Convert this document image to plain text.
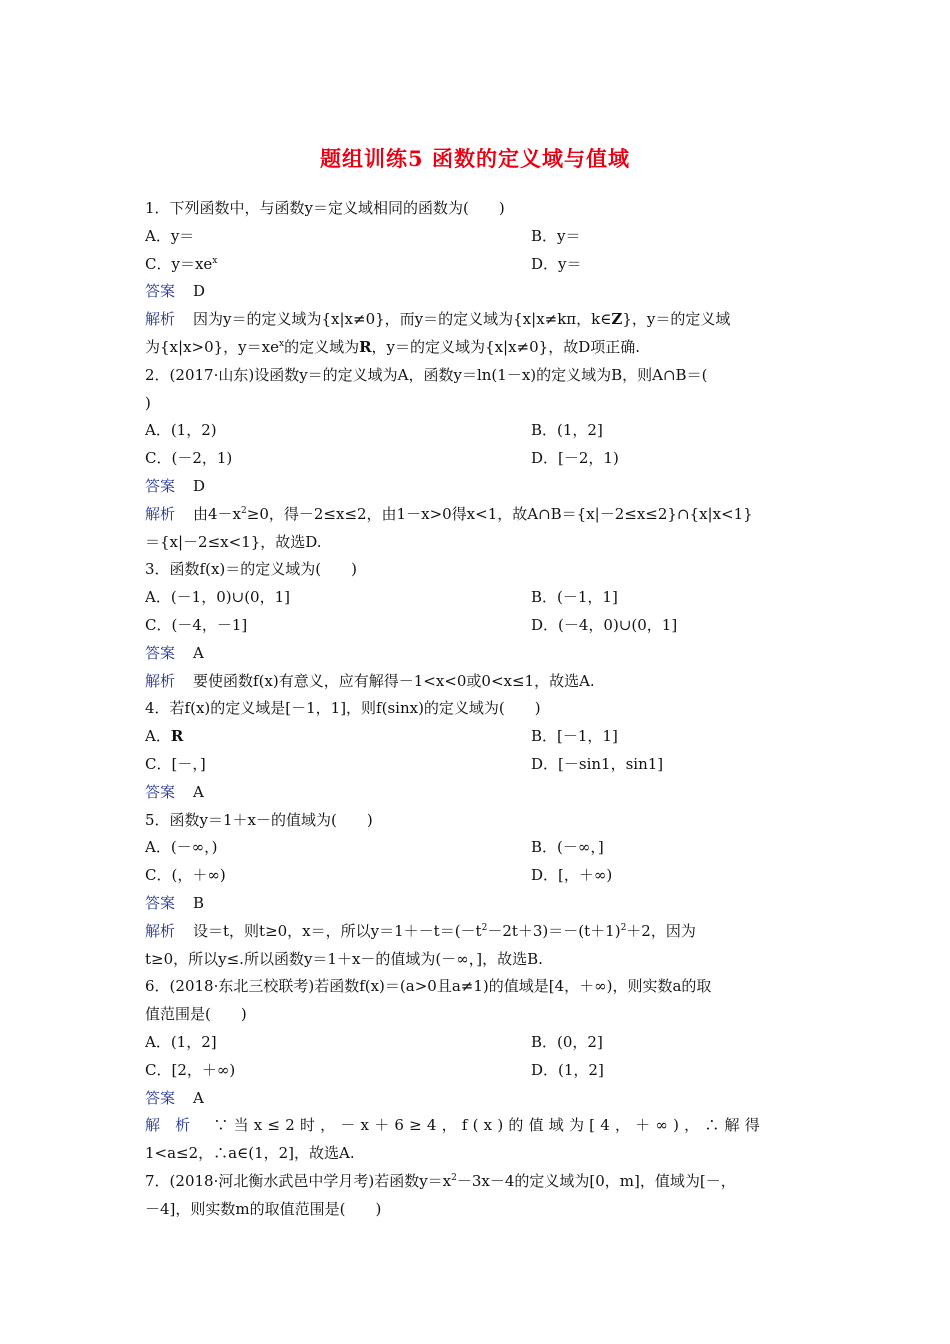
题组训练5 函数的定义域与值域
1．下列函数中，与函数y＝定义域相同的函数为(　　)
A．y＝	B．y＝
C．$y=xe^x$	D．y＝
答案 D
解析 因为y＝的定义域为{x|x≠0}，而y＝的定义域为{x|x≠kπ，k∈Z}，y＝的定义域
为{x|x>0}，$y=xe^x$的定义域为R，y＝的定义域为{x|x≠0}，故D项正确.
2．(2017·山东)设函数y＝的定义域为A，函数y＝ln(1－x)的定义域为B，则A∩B＝(
)
A．(1，2)	B．(1，2]
C．(－2，1)	D．[－2，1)
答案 D
解析 由$4-x^2\ge 0$，得－2≤x≤2，由1－x>0得x<1，故A∩B＝{x|－2≤x≤2}∩{x|x<1}
＝{x|－2≤x<1}，故选D.
3．函数f(x)＝的定义域为(　　)
A．(－1，0)∪(0，1]	B．(－1，1]
C．(－4，－1]	D．(－4，0)∪(0，1]
答案 A
解析 要使函数f(x)有意义，应有解得－1<x<0或0<x≤1，故选A.
4．若f(x)的定义域是[－1，1]，则f(sinx)的定义域为(　　)
A．R	B．[－1，1]
C．[－，]	D．[－sin1，sin1]
答案 A
5．函数y＝1＋x－的值域为(　　)
A．(－∞，)	B．(－∞，]
C．(，＋∞)	D．[，＋∞)
答案 B
解析 设＝t，则t≥0，x＝，所以$y=1+-t=(-t^2-2t+3)=-(t+1)^2+2$，因为
t≥0，所以y≤.所以函数y＝1＋x－的值域为(－∞，]，故选B.
6．(2018·东北三校联考)若函数f(x)＝(a>0且a≠1)的值域是[4，＋∞)，则实数a的取
值范围是(　　)
A．(1，2]	B．(0，2]
C．[2，＋∞)	D．(1，2]
答案 A
解 析 ∵当x≤2时，－x＋6≥4，f(x)的值域为[4，＋∞)，∴解得
1<a≤2，∴a∈(1，2]，故选A.
7．(2018·河北衡水武邑中学月考)若函数$y=x^2-3x-4$的定义域为[0，m]，值域为[－，
－4]，则实数m的取值范围是(　　)
